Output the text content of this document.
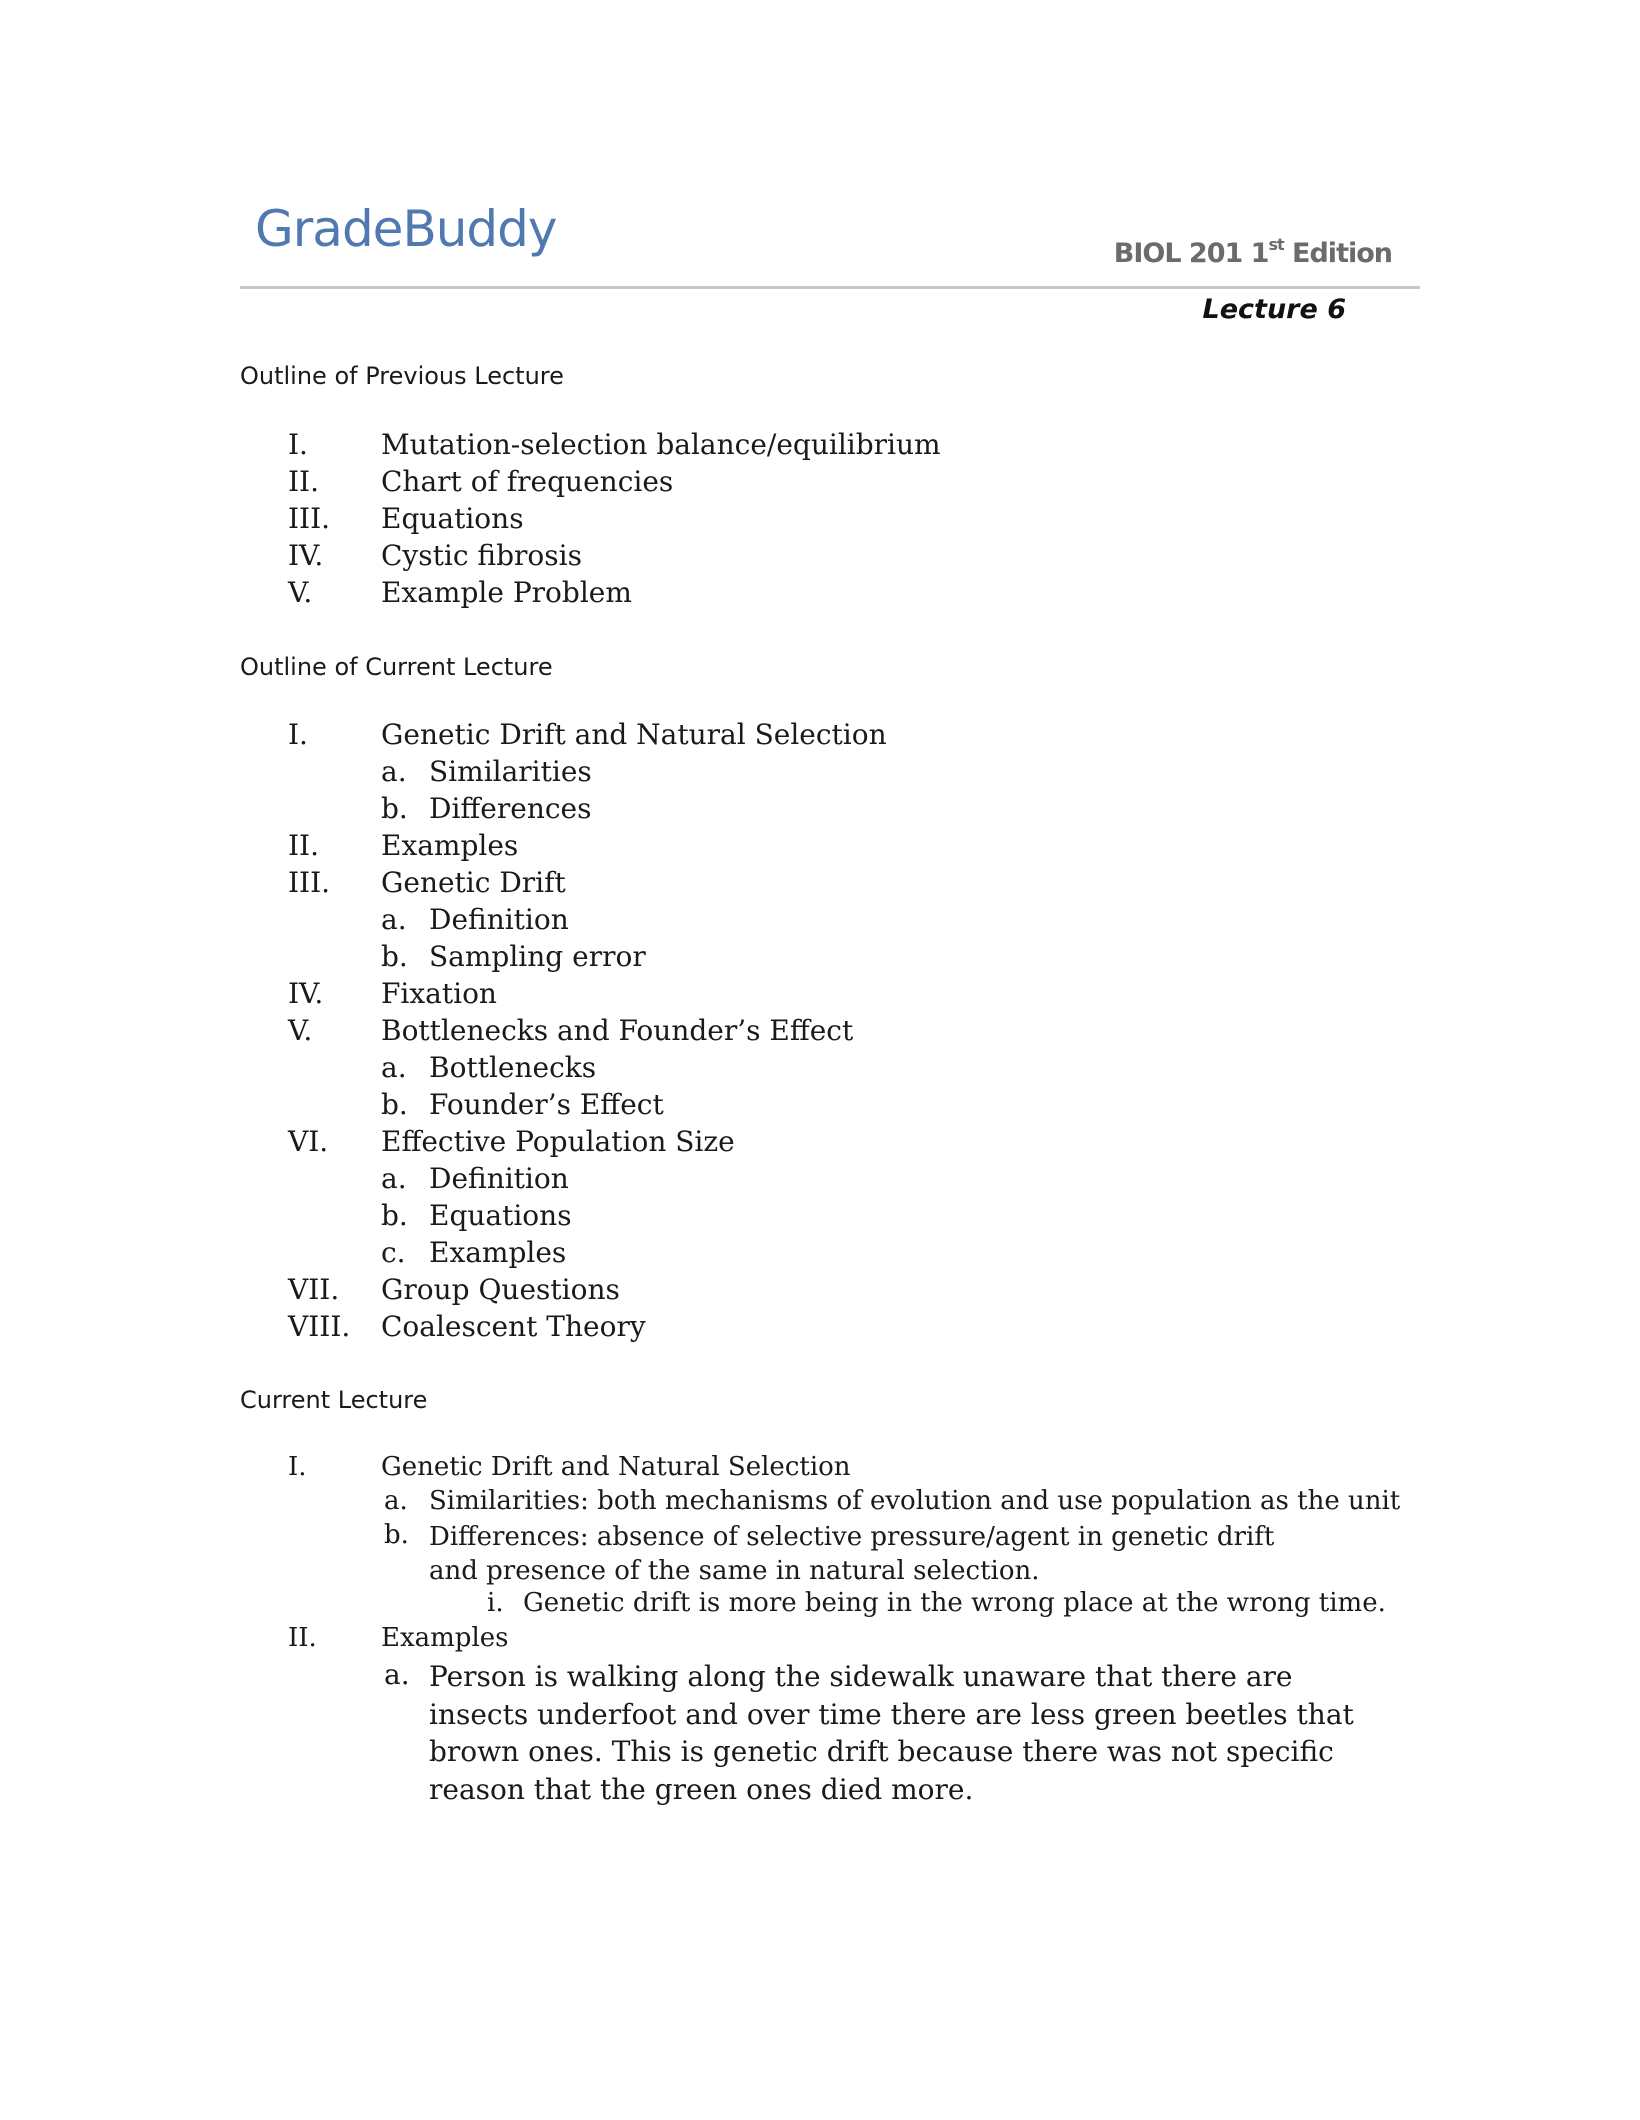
GradeBuddy	BIOL 201 1st Edition
Lecture 6
Outline of Previous Lecture
I.	Mutation-selection balance/equilibrium
II. Chart of frequencies
III. Equations
IV. Cystic fibrosis
V. Example Problem
Outline of Current Lecture
I.	Genetic Drift and Natural Selection
a. Similarities
b. Differences
II. Examples
III. Genetic Drift
a. Definition
b. Sampling error
IV. Fixation
V. Bottlenecks and Founder’s Effect
a. Bottlenecks
b. Founder’s Effect
VI. Effective Population Size
a. Definition
b. Equations
c. Examples
VII. Group Questions
VIII. Coalescent Theory
Current Lecture
I.	Genetic Drift and Natural Selection
a. Similarities: both mechanisms of evolution and use population as the unit
b. Differences: absence of selective pressure/agent in genetic drift and presence of the same in natural selection.

i. Genetic drift is more being in the wrong place at the wrong time.
II. Examples
a. Person is walking along the sidewalk unaware that there are insects underfoot and over time there are less green beetles that brown ones. This is genetic drift because there was not specific reason that the green ones died more.
